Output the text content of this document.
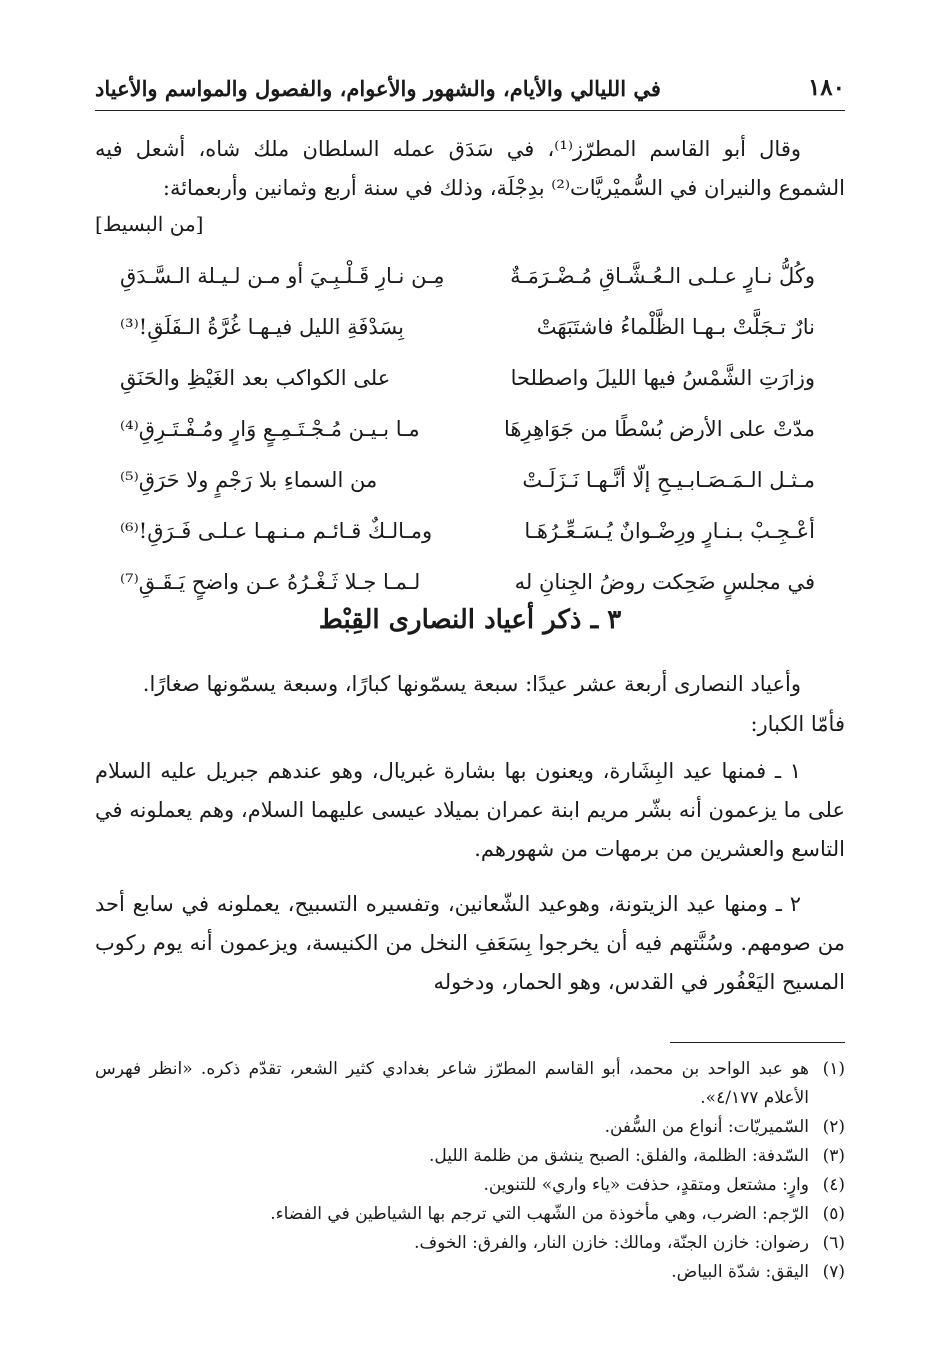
١٨٠
في الليالي والأيام، والشهور والأعوام، والفصول والمواسم والأعياد

وقال أبو القاسم المطرّز⁽¹⁾، في سَدَق عمله السلطان ملك شاه، أشعل فيه الشموع والنيران في السُّميْريَّات⁽²⁾ بدِجْلَة، وذلك في سنة أربع وثمانين وأربعمائة:

[من البسيط]
وكُلُّ نـارٍ عـلـى الـعُـشَّـاقِ مُـضْـرَمَـةٌ
مِـن نـارِ قَـلْـبِـيَ أو مـن لـيـلة الـسَّـدَقِ
نارٌ تـجَلَّتْ بـهـا الظَّلْماءُ فاشتَبَهَتْ
بِسَدْفَةِ الليل فيـهـا غُرَّةُ الـفَلَقِ!⁽³⁾
وزارَتِ الشَّمْسُ فيها الليلَ واصطلحا
على الكواكب بعد الغَيْظِ والحَنَقِ
مدّتْ على الأرض بُسْطًا من جَوَاهِرِهَا
مـا بـيـن مُـجْـتَـمِـعٍ وَارٍ ومُـفْـتَـرِقِ⁽⁴⁾
مـثـل الـمَـصَـابـيـحِ إلّا أنَّـهـا نَـزَلَـتْ
من السماءِ بلا رَجْمٍ ولا حَرَقِ⁽⁵⁾
أعْـجِـبْ بـنـارٍ ورِضْـوانٌ يُـسَـعِّـرُهَـا
ومـالـكٌ قـائـم مـنـهـا عـلـى فَـرَقِ!⁽⁶⁾
في مجلسٍ ضَحِكت روضُ الجِنانِ له
لـمـا جـلا ثَـغْـرُهُ عـن واضحٍ يَـقَـقِ⁽⁷⁾
٣ ـ ذكر أعياد النصارى القِبْط

وأعياد النصارى أربعة عشر عيدًا: سبعة يسمّونها كبارًا، وسبعة يسمّونها صغارًا.

فأمّا الكبار:

١ ـ فمنها عيد البِشَارة، ويعنون بها بشارة غبريال، وهو عندهم جبريل عليه السلام على ما يزعمون أنه بشّر مريم ابنة عمران بميلاد عيسى عليهما السلام، وهم يعملونه في التاسع والعشرين من برمهات من شهورهم.

٢ ـ ومنها عيد الزيتونة، وهوعيد الشّعانين، وتفسيره التسبيح، يعملونه في سابع أحد من صومهم. وسُنَّتهم فيه أن يخرجوا بِسَعَفِ النخل من الكنيسة، ويزعمون أنه يوم ركوب المسيح اليَعْفُور في القدس، وهو الحمار، ودخوله

(١)
هو عبد الواحد بن محمد، أبو القاسم المطرّز شاعر بغدادي كثير الشعر، تقدّم ذكره. «انظر فهرس الأعلام ٤/١٧٧».
(٢)
السّميريّات: أنواع من السُّفن.
(٣)
السّدفة: الظلمة، والفلق: الصبح ينشق من ظلمة الليل.
(٤)
وارٍ: مشتعل ومتقدٍ، حذفت «ياء واري» للتنوين.
(٥)
الرّجم: الضرب، وهي مأخوذة من الشّهب التي ترجم بها الشياطين في الفضاء.
(٦)
رضوان: خازن الجنّة، ومالك: خازن النار، والفرق: الخوف.
(٧)
اليقق: شدّة البياض.
